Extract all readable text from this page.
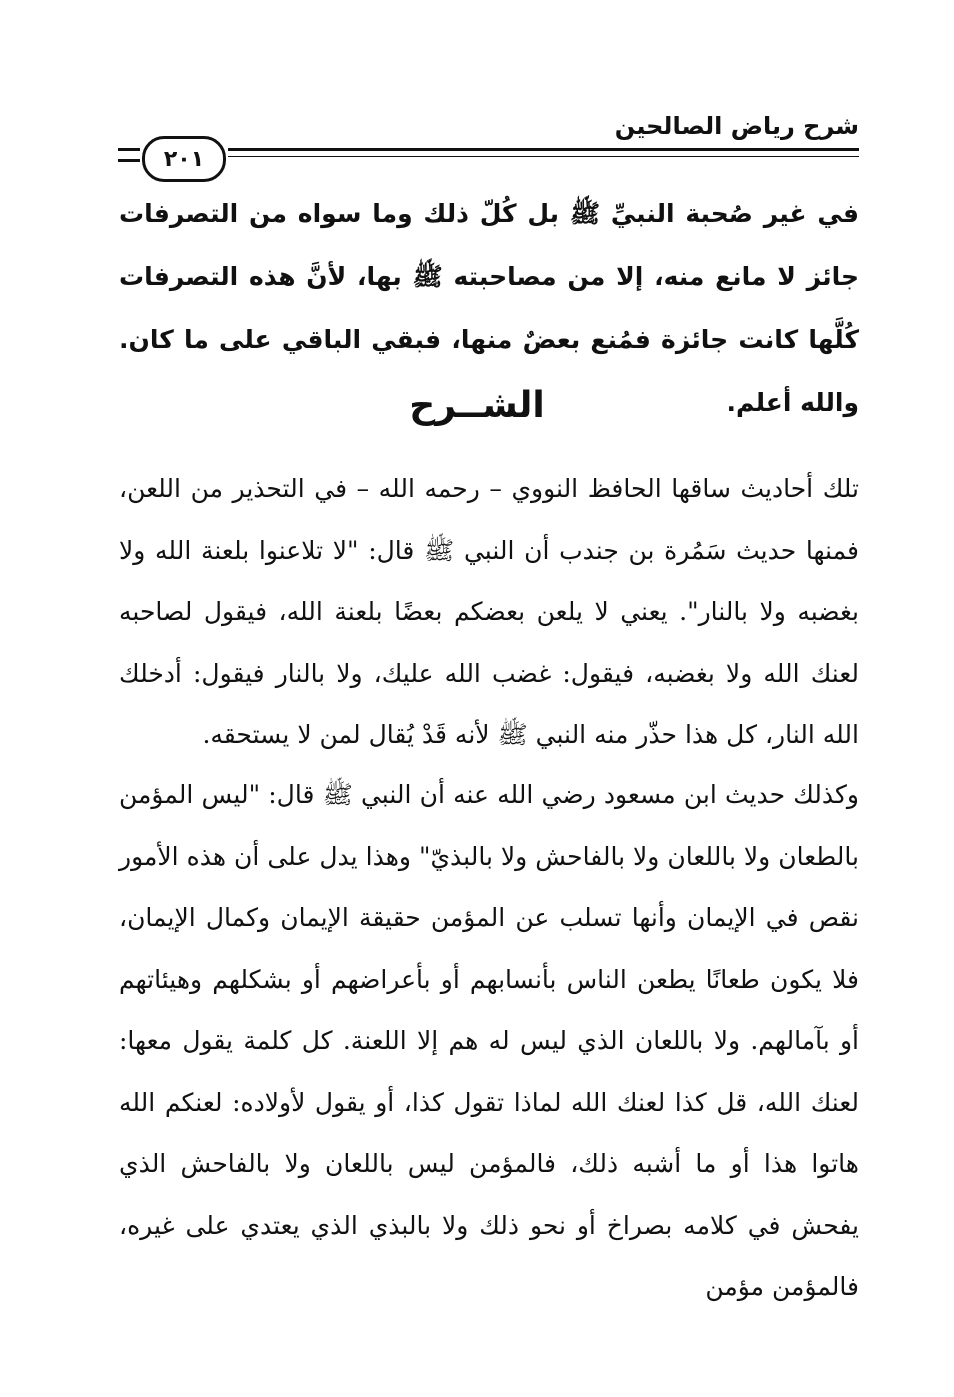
شرح رياض الصالحين
٢٠١
في غير صُحبة النبيِّ ﷺ بل كُلّ ذلك وما سواه من التصرفات جائز لا مانع منه، إلا من مصاحبته ﷺ بها، لأنَّ هذه التصرفات كُلَّها كانت جائزة فمُنع بعضٌ منها، فبقي الباقي على ما كان. والله أعلم.
الشــرح
تلك أحاديث ساقها الحافظ النووي – رحمه الله – في التحذير من اللعن، فمنها حديث سَمُرة بن جندب أن النبي ﷺ قال: "لا تلاعنوا بلعنة الله ولا بغضبه ولا بالنار". يعني لا يلعن بعضكم بعضًا بلعنة الله، فيقول لصاحبه لعنك الله ولا بغضبه، فيقول: غضب الله عليك، ولا بالنار فيقول: أدخلك الله النار، كل هذا حذّر منه النبي ﷺ لأنه قَدْ يُقال لمن لا يستحقه.
وكذلك حديث ابن مسعود رضي الله عنه أن النبي ﷺ قال: "ليس المؤمن بالطعان ولا باللعان ولا بالفاحش ولا بالبذيّ" وهذا يدل على أن هذه الأمور نقص في الإيمان وأنها تسلب عن المؤمن حقيقة الإيمان وكمال الإيمان، فلا يكون طعانًا يطعن الناس بأنسابهم أو بأعراضهم أو بشكلهم وهيئاتهم أو بآمالهم. ولا باللعان الذي ليس له هم إلا اللعنة. كل كلمة يقول معها: لعنك الله، قل كذا لعنك الله لماذا تقول كذا، أو يقول لأولاده: لعنكم الله هاتوا هذا أو ما أشبه ذلك، فالمؤمن ليس باللعان ولا بالفاحش الذي يفحش في كلامه بصراخ أو نحو ذلك ولا بالبذي الذي يعتدي على غيره، فالمؤمن مؤمن
